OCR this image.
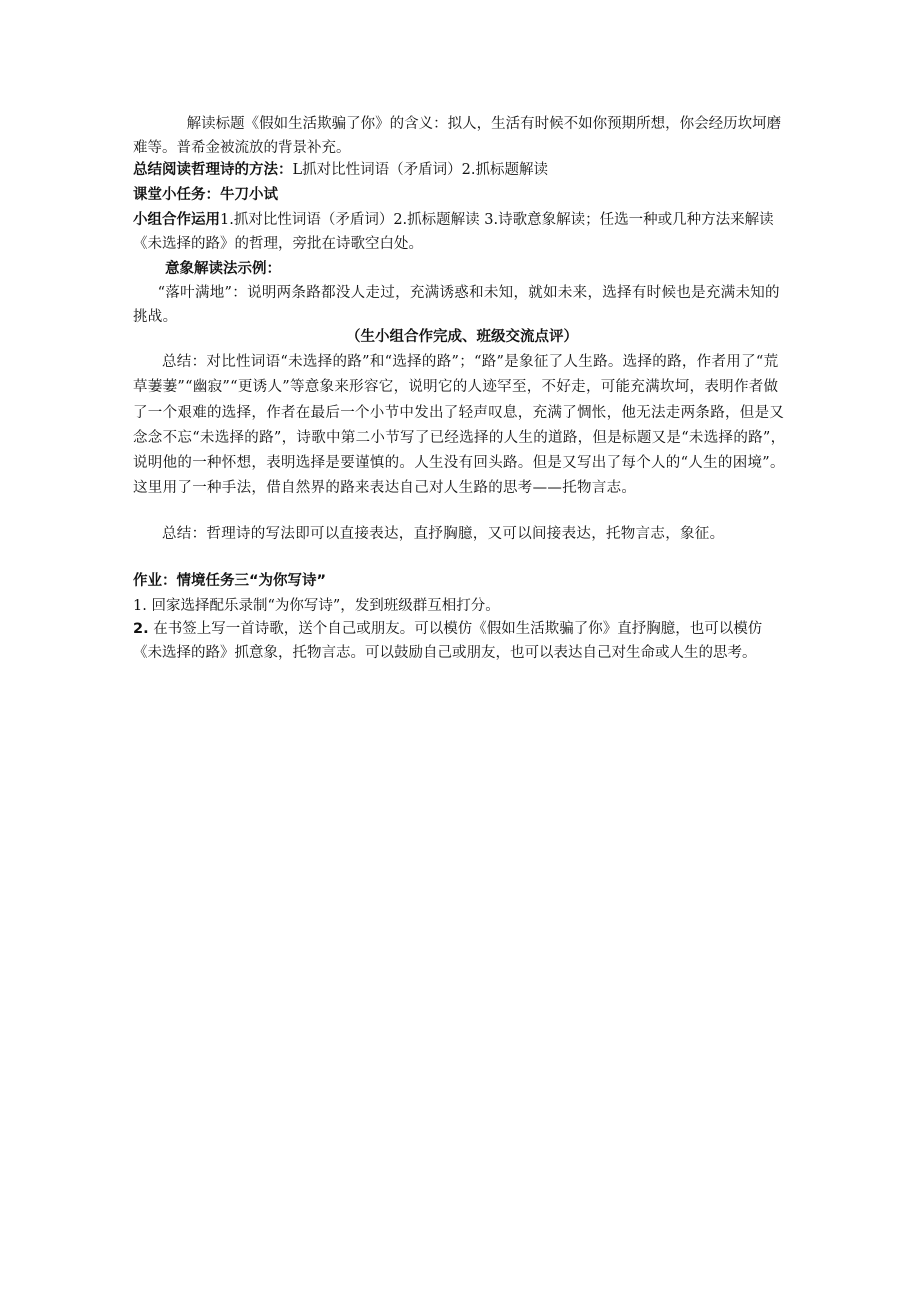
解读标题《假如生活欺骗了你》的含义：拟人，生活有时候不如你预期所想，你会经历坎坷磨难等。普希金被流放的背景补充。

总结阅读哲理诗的方法：L抓对比性词语（矛盾词）2.抓标题解读

课堂小任务：牛刀小试

小组合作运用1.抓对比性词语（矛盾词）2.抓标题解读 3.诗歌意象解读；任选一种或几种方法来解读《未选择的路》的哲理，旁批在诗歌空白处。

意象解读法示例：

“落叶满地”：说明两条路都没人走过，充满诱惑和未知，就如未来，选择有时候也是充满未知的挑战。

（生小组合作完成、班级交流点评）

总结：对比性词语“未选择的路”和“选择的路”；“路”是象征了人生路。选择的路，作者用了“荒草萋萋”“幽寂”“更诱人”等意象来形容它，说明它的人迹罕至，不好走，可能充满坎坷，表明作者做了一个艰难的选择，作者在最后一个小节中发出了轻声叹息，充满了惆怅，他无法走两条路，但是又念念不忘“未选择的路”，诗歌中第二小节写了已经选择的人生的道路，但是标题又是“未选择的路”，说明他的一种怀想，表明选择是要谨慎的。人生没有回头路。但是又写出了每个人的“人生的困境”。这里用了一种手法，借自然界的路来表达自己对人生路的思考——托物言志。

总结：哲理诗的写法即可以直接表达，直抒胸臆，又可以间接表达，托物言志，象征。

作业：情境任务三“为你写诗”

1. 回家选择配乐录制“为你写诗”，发到班级群互相打分。

2. 在书签上写一首诗歌，送个自己或朋友。可以模仿《假如生活欺骗了你》直抒胸臆，也可以模仿《未选择的路》抓意象，托物言志。可以鼓励自己或朋友，也可以表达自己对生命或人生的思考。
